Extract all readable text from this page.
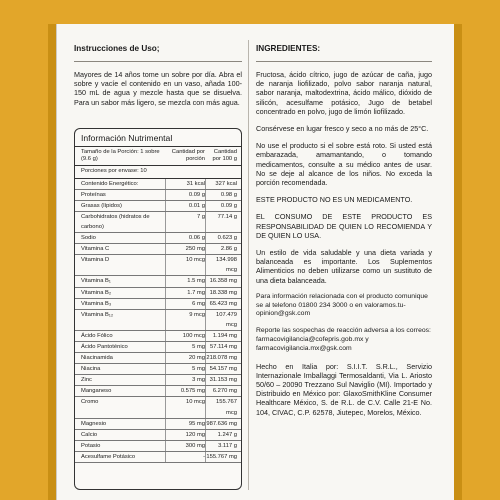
Instrucciones de Uso;
Mayores de 14 años tome un sobre por día. Abra el sobre y vacíe el contenido en un vaso, añada 100-150 mL de agua y mezcle hasta que se disuelva. Para un sabor más ligero, se mezcla con más agua.
Información Nutrimental
Tamaño de la Porción: 1 sobre (9.6 g)
Cantidad por porción
Cantidad por 100 g
Porciones por envase: 10
Contenido Energético:	31 kcal	327 kcal
Proteínas	0.09 g	0.98 g
Grasas (lípidos)	0.01 g	0.09 g
Carbohidratos (hidratos de carbono)
7 g	77.14 g
Sodio	0.06 g	0.623 g
Vitamina C	250 mg	2.86 g
Vitamina D	10 mcg	134.998 mcg
Vitamina B₁	1.5 mg 16.358 mg
Vitamina B₂	1.7 mg 18.338 mg
Vitamina B₃	6 mg 65.423 mg
Vitamina B₁₂	9 mcg	107.479 mcg
Ácido Fólico	100 mcg	1.194 mg
Ácido Pantoténico	5 mg 57.114 mg
Niacinamida	20 mg 218.078 mg
Niacina	5 mg 54.157 mg
Zinc	3 mg 31.153 mg
Manganeso	0.575 mg	6.270 mg
Cromo	10 mcg	155.767 mcg
Magnesio	95 mg 987.636 mg
Calcio	120 mg	1.247 g
Potasio	300 mg	3.117 g
Acesulfame Potásico	- 155.767 mg
INGREDIENTES:
Fructosa, ácido cítrico, jugo de azúcar de caña, jugo de naranja liofilizado, polvo sabor naranja natural, sabor naranja, maltodextrina, ácido málico, dióxido de silicón, acesulfame potásico, Jugo de betabel concentrado en polvo, jugo de limón liofilizado.
Consérvese en lugar fresco y seco a no más de 25°C.
No use el producto si el sobre está roto. Si usted está embarazada, amamantando, o tomando medicamentos, consulte a su médico antes de usar. No se deje al alcance de los niños. No exceda la porción recomendada.
ESTE PRODUCTO NO ES UN MEDICAMENTO.
EL CONSUMO DE ESTE PRODUCTO ES RESPONSABILIDAD DE QUIEN LO RECOMIENDA Y DE QUIEN LO USA.
Un estilo de vida saludable y una dieta variada y balanceada es importante. Los Suplementos Alimenticios no deben utilizarse como un sustituto de una dieta balanceada.
Para información relacionada con el producto comunique se al telefono 01800 234 3000 o en valoramos.tu-opinion@gsk.com
Reporte las sospechas de reacción adversa a los correos: farmacovigilancia@cofepris.gob.mx y farmacovigilancia.mx@gsk.com
Hecho en Italia por: S.I.I.T. S.R.L., Servizio Internazionale Imballaggi Termosaldanti, Via L. Ariosto 50/60 – 20090 Trezzano Sul Naviglio (MI). Importado y Distribuido en México por: GlaxoSmithKline Consumer Healthcare México, S. de R.L. de C.V. Calle 21-E No. 104, CIVAC, C.P. 62578, Jiutepec, Morelos, México.
